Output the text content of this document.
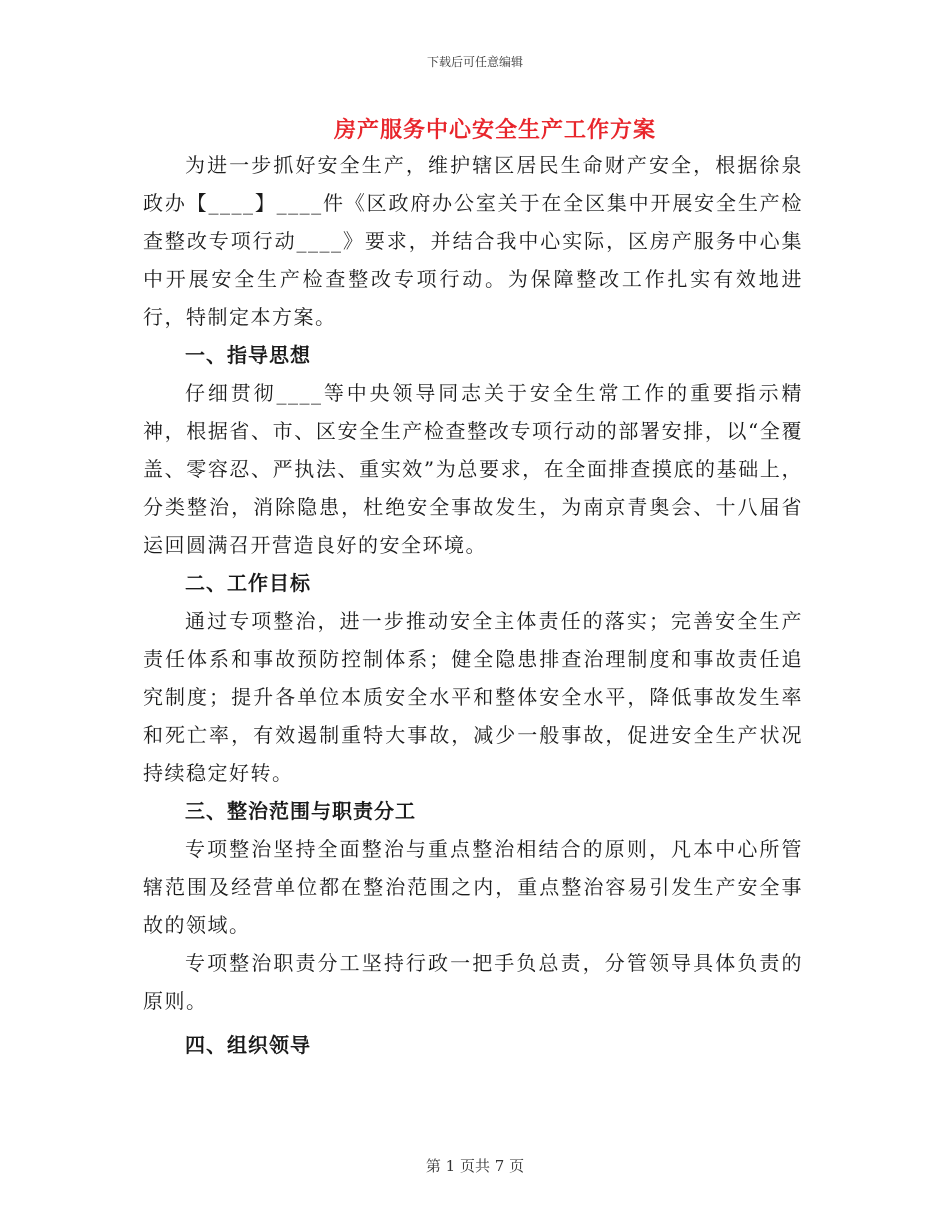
下载后可任意编辑
房产服务中心安全生产工作方案

为进一步抓好安全生产，维护辖区居民生命财产安全，根据徐泉政办【____】____件《区政府办公室关于在全区集中开展安全生产检查整改专项行动____》要求，并结合我中心实际，区房产服务中心集中开展安全生产检查整改专项行动。为保障整改工作扎实有效地进行，特制定本方案。

一、指导思想

仔细贯彻____等中央领导同志关于安全生常工作的重要指示精神，根据省、市、区安全生产检查整改专项行动的部署安排，以“全覆盖、零容忍、严执法、重实效”为总要求，在全面排查摸底的基础上，分类整治，消除隐患，杜绝安全事故发生，为南京青奥会、十八届省运回圆满召开营造良好的安全环境。

二、工作目标

通过专项整治，进一步推动安全主体责任的落实；完善安全生产责任体系和事故预防控制体系；健全隐患排查治理制度和事故责任追究制度；提升各单位本质安全水平和整体安全水平，降低事故发生率和死亡率，有效遏制重特大事故，减少一般事故，促进安全生产状况持续稳定好转。

三、整治范围与职责分工

专项整治坚持全面整治与重点整治相结合的原则，凡本中心所管辖范围及经营单位都在整治范围之内，重点整治容易引发生产安全事故的领域。

专项整治职责分工坚持行政一把手负总责，分管领导具体负责的原则。

四、组织领导
第 1 页共 7 页
